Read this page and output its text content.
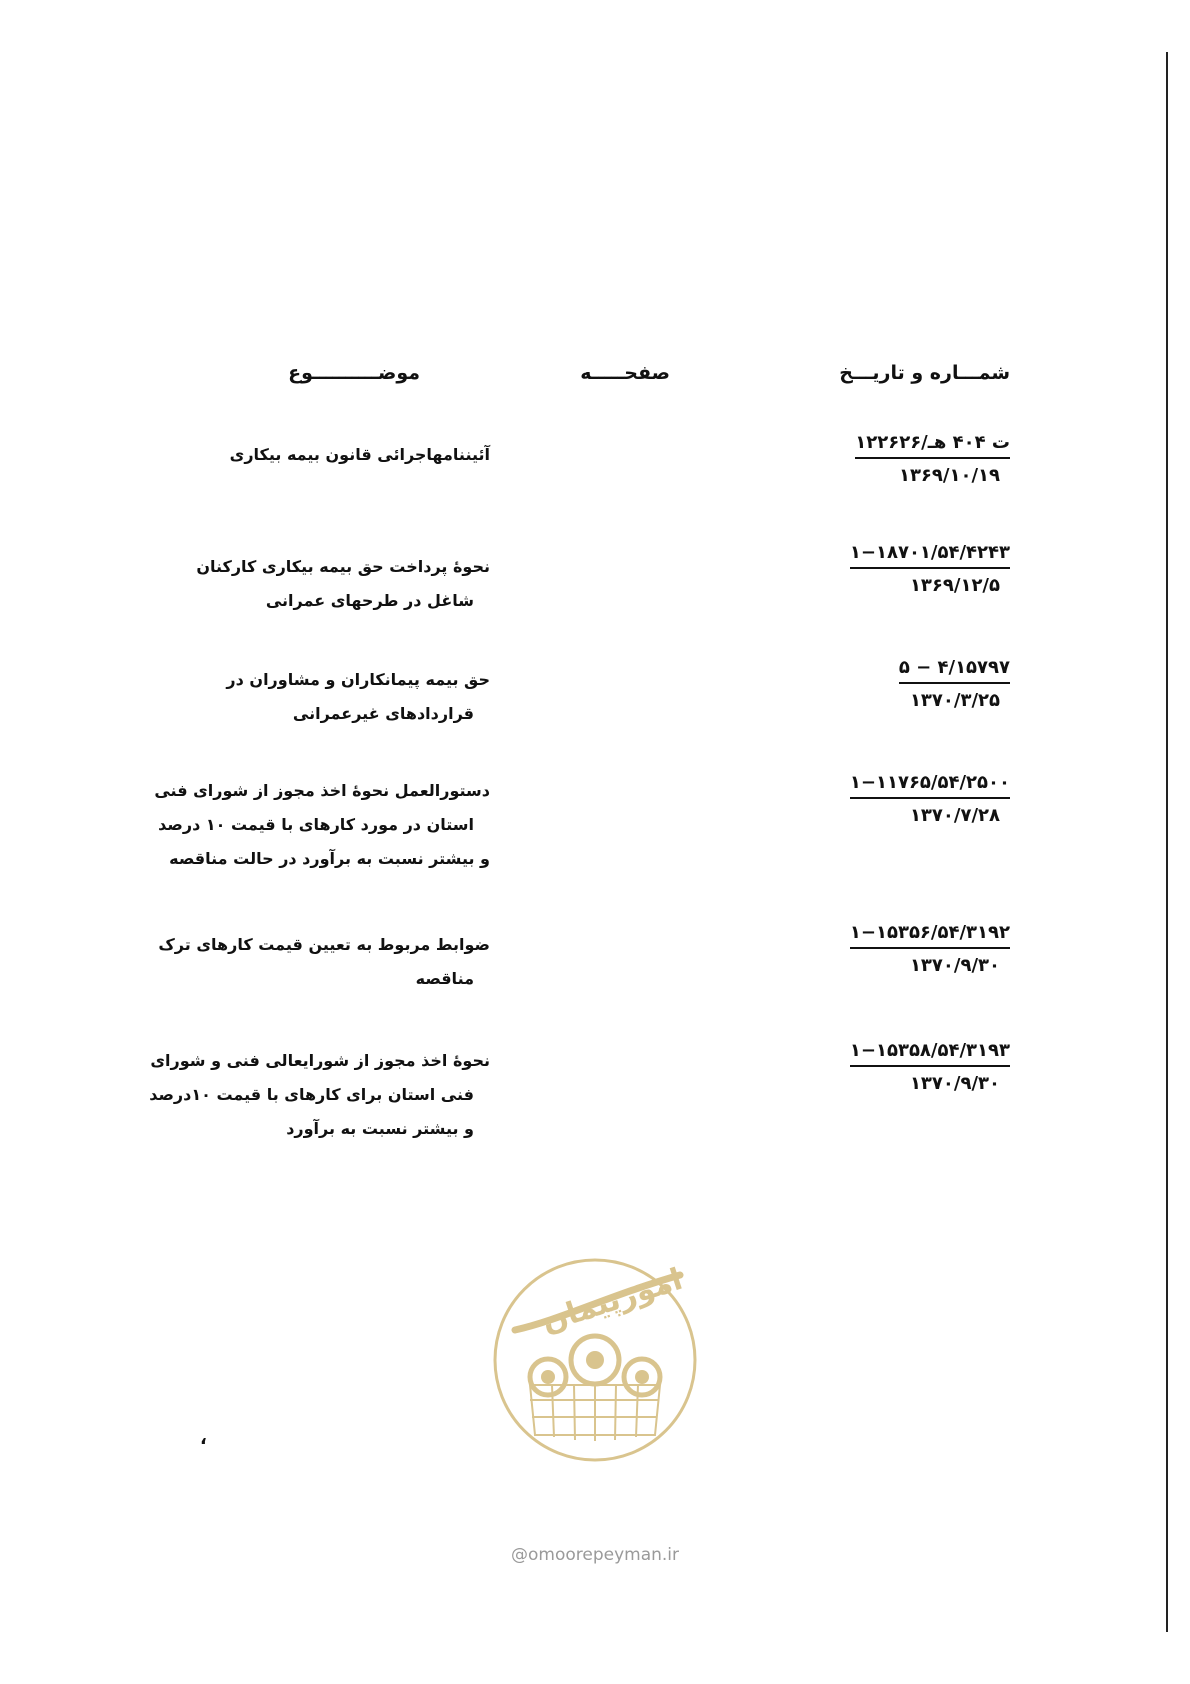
شمـــاره و تاریـــخ
صفحـــــه
موضــــــــــوع
۱۲۲۶۲۶/ت ۴۰۴ هـ
۱۳۶۹/۱۰/۱۹
آئیننامهاجرائی قانون بیمه بیکاری
۱−۱۸۷۰۱/۵۴/۴۲۴۳
۱۳۶۹/۱۲/۵
نحوه‌ٔ پرداخت حق بیمه بیکاری کارکنان
شاغل در طرحهای عمرانی
۵ − ۴/۱۵۷۹۷
۱۳۷۰/۳/۲۵
حق بیمه پیمانکاران و مشاوران در
قراردادهای غیرعمرانی
۱−۱۱۷۶۵/۵۴/۲۵۰۰
۱۳۷۰/۷/۲۸
دستورالعمل نحوه‌ٔ اخذ مجوز از شورای فنی
استان در مورد کارهای با قیمت ۱۰ درصد
و بیشتر نسبت به برآورد در حالت مناقصه
۱−۱۵۳۵۶/۵۴/۳۱۹۲
۱۳۷۰/۹/۳۰
ضوابط مربوط به تعیین قیمت کارهای ترک
مناقصه
۱−۱۵۳۵۸/۵۴/۳۱۹۳
۱۳۷۰/۹/۳۰
نحوه‌ٔ اخذ مجوز از شورایعالی فنی و شورای
فنی استان برای کارهای با قیمت ۱۰درصد
و بیشتر نسبت به برآورد
،
امورپیمان
@omoorepeyman.ir
